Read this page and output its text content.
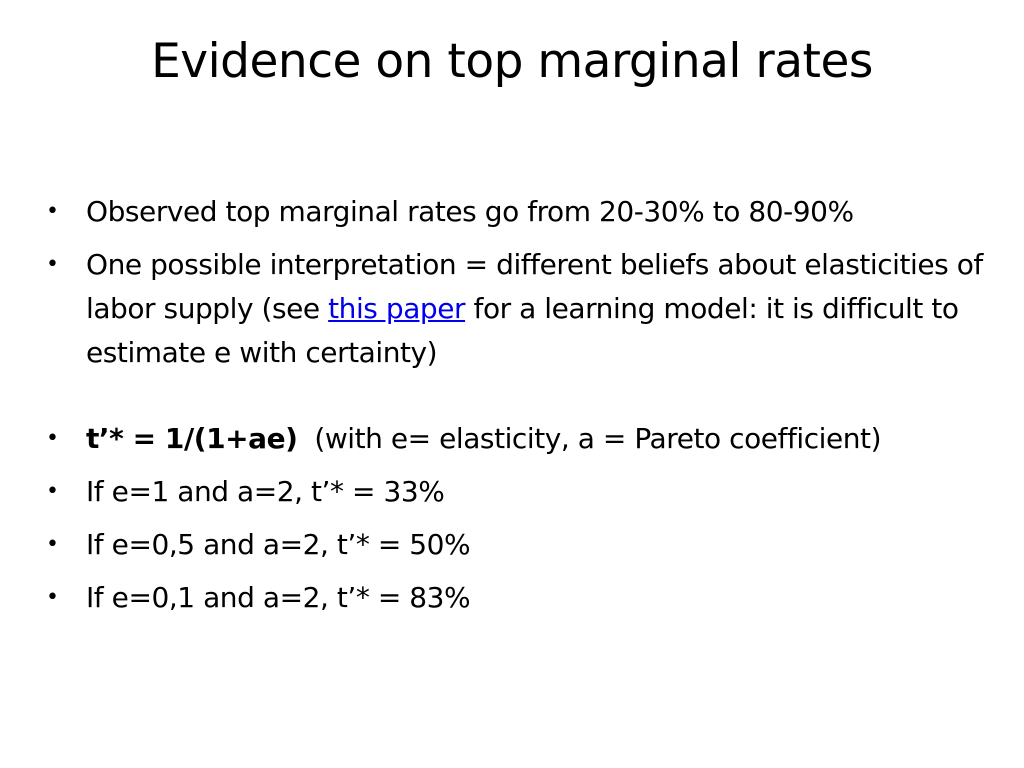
Evidence on top marginal rates
• Observed top marginal rates go from 20-30% to 80-90%
• One possible interpretation = different beliefs about elasticities of labor supply (see this paper for a learning model: it is difficult to estimate e with certainty)
• t’* = 1/(1+ae)  (with e= elasticity, a = Pareto coefficient)
• If e=1 and a=2, t’* = 33%
• If e=0,5 and a=2, t’* = 50%
• If e=0,1 and a=2, t’* = 83%
